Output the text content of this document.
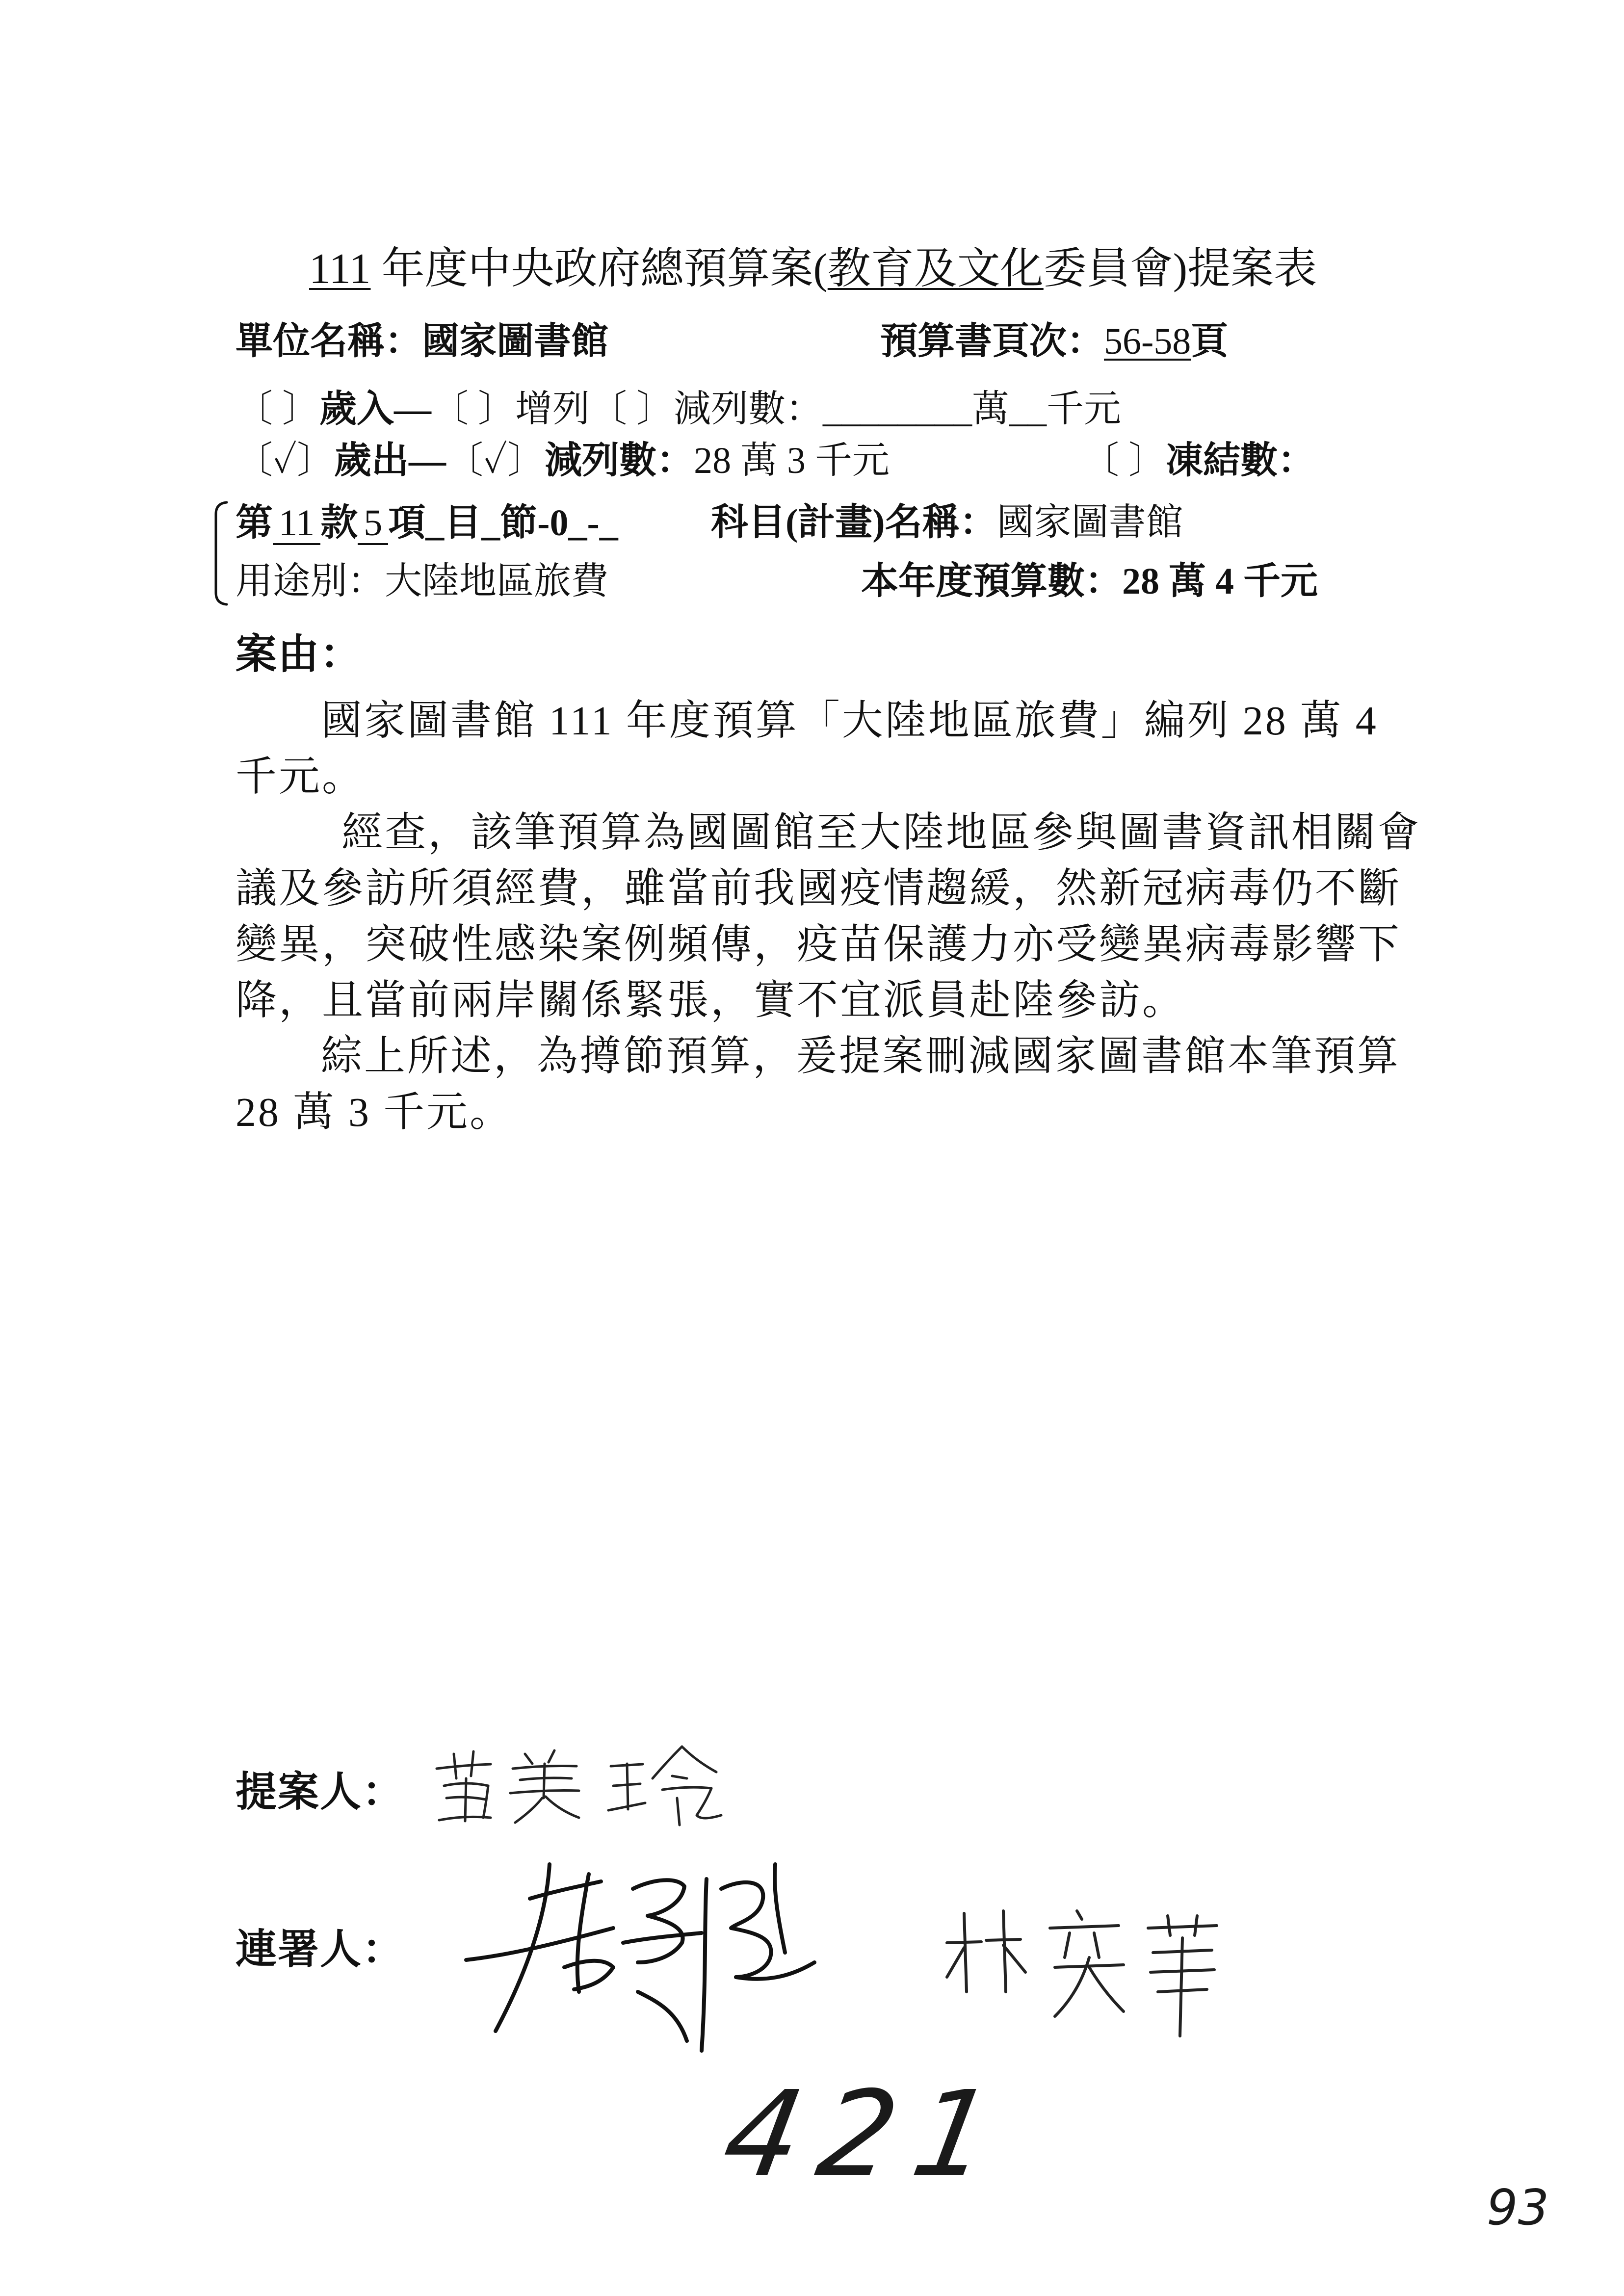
111 年度中央政府總預算案(教育及文化委員會)提案表
單位名稱：國家圖書館	預算書頁次：56-58頁
〔 〕歲入—〔 〕增列〔 〕減列數：________萬__千元
〔✓〕歲出—〔✓〕減列數：28 萬 3 千元	〔 〕凍結數：
第 11 款 5 項_目_節-0_-_ 科目(計畫)名稱：國家圖書館
用途別：大陸地區旅費	本年度預算數：28 萬 4 千元
案由：
國家圖書館 111 年度預算「大陸地區旅費」編列 28 萬 4
千元。
經查，該筆預算為國圖館至大陸地區參與圖書資訊相關會
議及參訪所須經費，雖當前我國疫情趨緩，然新冠病毒仍不斷
變異，突破性感染案例頻傳，疫苗保護力亦受變異病毒影響下
降，且當前兩岸關係緊張，實不宜派員赴陸參訪。
綜上所述，為撙節預算，爰提案刪減國家圖書館本筆預算
28 萬 3 千元。
提案人：
連署人：
421
93
